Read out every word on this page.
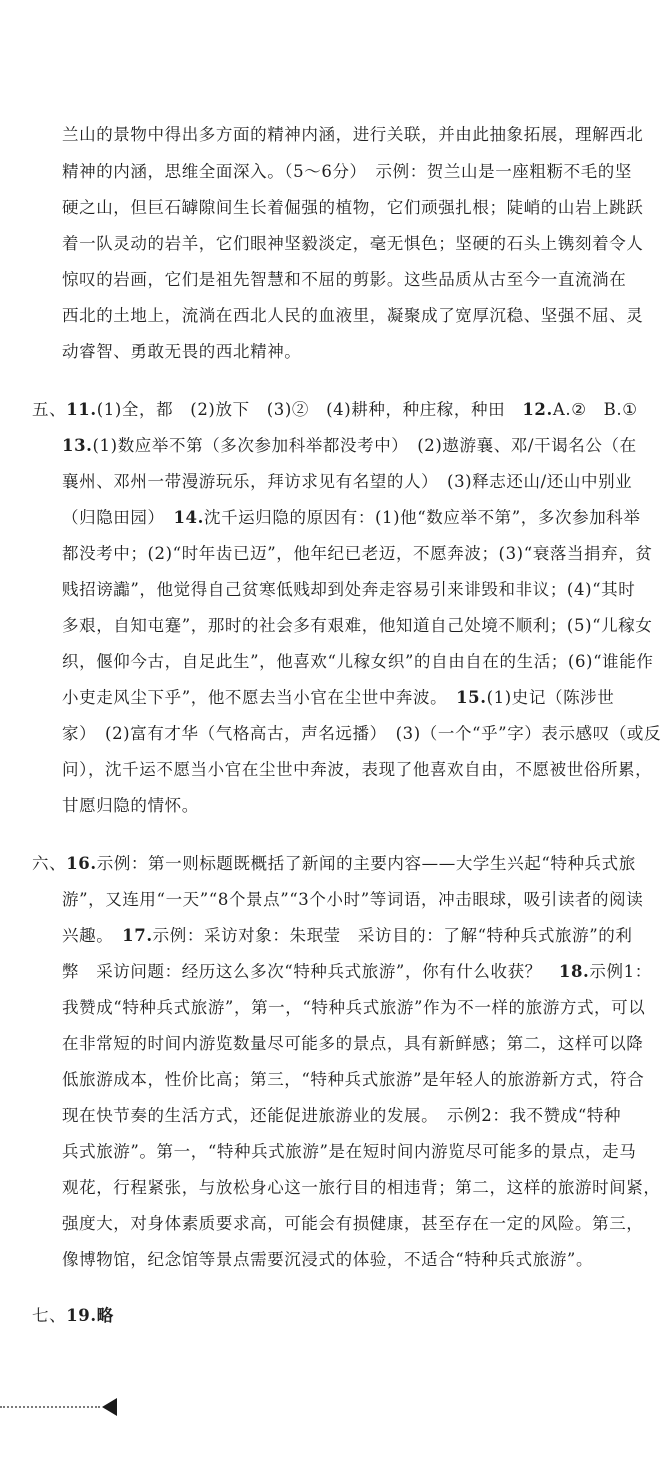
兰山的景物中得出多方面的精神内涵，进行关联，并由此抽象拓展，理解西北
精神的内涵，思维全面深入。（5～6分）　示例：贺兰山是一座粗粝不毛的坚
硬之山，但巨石罅隙间生长着倔强的植物，它们顽强扎根；陡峭的山岩上跳跃
着一队灵动的岩羊，它们眼神坚毅淡定，毫无惧色；坚硬的石头上镌刻着令人
惊叹的岩画，它们是祖先智慧和不屈的剪影。这些品质从古至今一直流淌在
西北的土地上，流淌在西北人民的血液里，凝聚成了宽厚沉稳、坚强不屈、灵
动睿智、勇敢无畏的西北精神。
五、11.(1)全，都　(2)放下　(3)②　(4)耕种，种庄稼，种田　12.A.②　B.①
13.(1)数应举不第（多次参加科举都没考中）　(2)遨游襄、邓/干谒名公（在
襄州、邓州一带漫游玩乐，拜访求见有名望的人）　(3)释志还山/还山中别业
（归隐田园）　14.沈千运归隐的原因有：(1)他“数应举不第”，多次参加科举
都没考中；(2)“时年齿已迈”，他年纪已老迈，不愿奔波；(3)“衰落当捐弃，贫
贱招谤讟”，他觉得自己贫寒低贱却到处奔走容易引来诽毁和非议；(4)“其时
多艰，自知屯蹇”，那时的社会多有艰难，他知道自己处境不顺利；(5)“儿稼女
织，偃仰今古，自足此生”，他喜欢“儿稼女织”的自由自在的生活；(6)“谁能作
小吏走风尘下乎”，他不愿去当小官在尘世中奔波。　15.(1)史记（陈涉世
家）　(2)富有才华（气格高古，声名远播）　(3)（一个“乎”字）表示感叹（或反
问），沈千运不愿当小官在尘世中奔波，表现了他喜欢自由，不愿被世俗所累，
甘愿归隐的情怀。
六、16.示例：第一则标题既概括了新闻的主要内容——大学生兴起“特种兵式旅
游”，又连用“一天”“8个景点”“3个小时”等词语，冲击眼球，吸引读者的阅读
兴趣。　17.示例：采访对象：朱珉莹　采访目的：了解“特种兵式旅游”的利
弊　采访问题：经历这么多次“特种兵式旅游”，你有什么收获？　18.示例1：
我赞成“特种兵式旅游”，第一，“特种兵式旅游”作为不一样的旅游方式，可以
在非常短的时间内游览数量尽可能多的景点，具有新鲜感；第二，这样可以降
低旅游成本，性价比高；第三，“特种兵式旅游”是年轻人的旅游新方式，符合
现在快节奏的生活方式，还能促进旅游业的发展。　示例2：我不赞成“特种
兵式旅游”。第一，“特种兵式旅游”是在短时间内游览尽可能多的景点，走马
观花，行程紧张，与放松身心这一旅行目的相违背；第二，这样的旅游时间紧，
强度大，对身体素质要求高，可能会有损健康，甚至存在一定的风险。第三，
像博物馆，纪念馆等景点需要沉浸式的体验，不适合“特种兵式旅游”。
七、19.略
